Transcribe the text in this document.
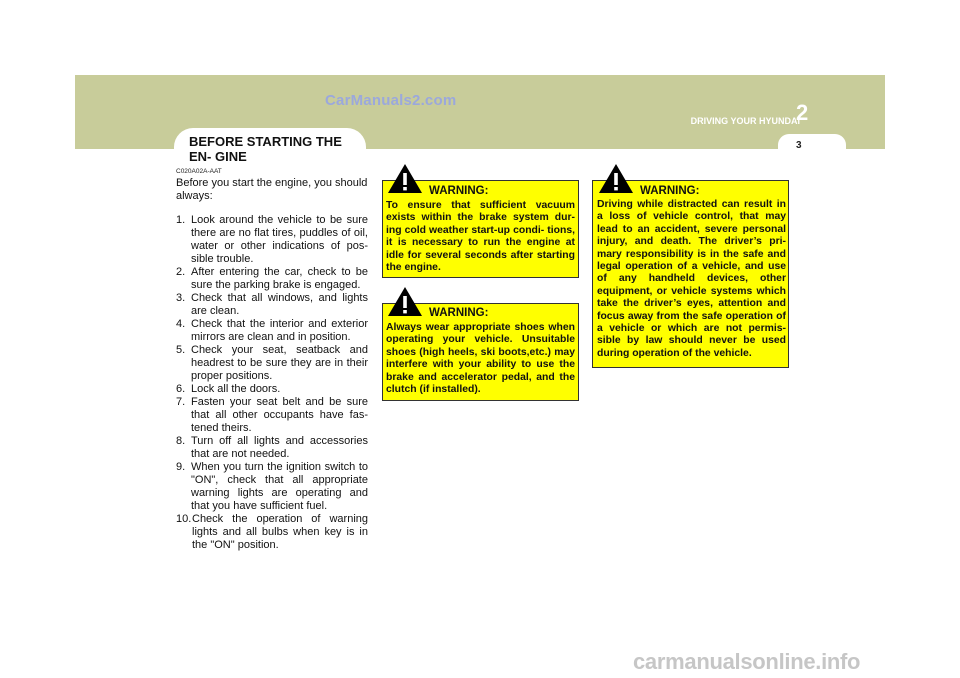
CarManuals2.com
DRIVING YOUR HYUNDAI
2
3
BEFORE STARTING THE EN- GINE
C020A02A-AAT
Before you start the engine, you should always:
1. Look around the vehicle to be sure there are no flat tires, puddles of oil, water or other indications of pos- sible trouble.
2. After entering the car, check to be sure the parking brake is engaged.
3. Check that all windows, and lights are clean.
4. Check that the interior and exterior mirrors are clean and in position.
5. Check your seat, seatback and headrest to be sure they are in their proper positions.
6. Lock all the doors.
7. Fasten your seat belt and be sure that all other occupants have fas- tened theirs.
8. Turn off all lights and accessories that are not needed.
9. When you turn the ignition switch to "ON", check that all appropriate warning lights are operating and that you have sufficient fuel.
10. Check the operation of warning lights and all bulbs when key is in the "ON" position.
WARNING:
To ensure that sufficient vacuum exists within the brake system dur- ing cold weather start-up condi- tions, it is necessary to run the engine at idle for several seconds after starting the engine.
WARNING:
Always wear appropriate shoes when operating your vehicle. Unsuitable shoes (high heels, ski boots,etc.) may interfere with your ability to use the brake and accelerator pedal, and the clutch (if installed).
WARNING:
Driving while distracted can result in a loss of vehicle control, that may lead to an accident, severe personal injury, and death. The driver’s pri- mary responsibility is in the safe and legal operation of a vehicle, and use of any handheld devices, other equipment, or vehicle systems which take the driver’s eyes, attention and focus away from the safe operation of a vehicle or which are not permis- sible by law should never be used during operation of the vehicle.
carmanualsonline.info
